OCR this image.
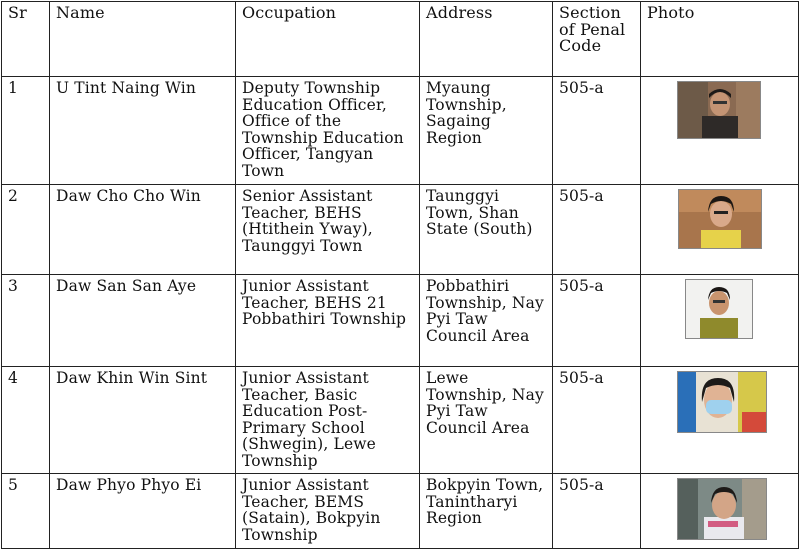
Sr	Name	Occupation	Address	Section of Penal Code	Photo
1	U Tint Naing Win	Deputy Township Education Officer, Office of the Township Education Officer, Tangyan Town	Myaung Township, Sagaing Region	505-a	

2	Daw Cho Cho Win	Senior Assistant Teacher, BEHS (Htithein Yway), Taunggyi Town	Taunggyi Town, Shan State (South)	505-a	

3	Daw San San Aye	Junior Assistant Teacher, BEHS 21 Pobbathiri Township	Pobbathiri Township, Nay Pyi Taw Council Area	505-a	

4	Daw Khin Win Sint	Junior Assistant Teacher, Basic Education Post-Primary School (Shwegin), Lewe Township	Lewe Township, Nay Pyi Taw Council Area	505-a	

5	Daw Phyo Phyo Ei	Junior Assistant Teacher, BEMS (Satain), Bokpyin Township	Bokpyin Town, Tanintharyi Region	505-a	
